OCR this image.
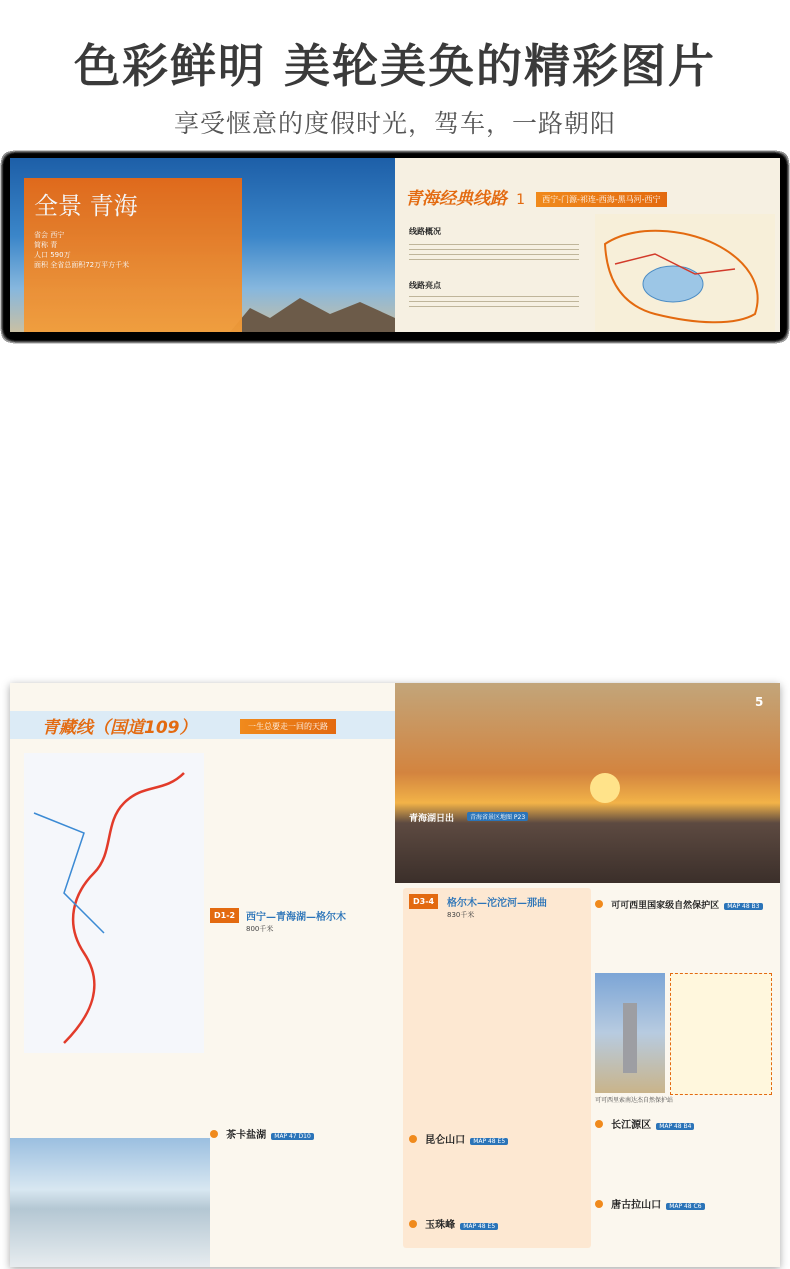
色彩鲜明 美轮美奂的精彩图片
享受惬意的度假时光，驾车，一路朝阳
全景 青海
省会 西宁
简称 青
人口 590万
面积 全省总面积72万平方千米
青海经典线路 1 西宁-门源-祁连-西海-黑马河-西宁
线路概况
线路亮点
青藏线（国道109）	一生总要走一回的天路
D1-2	西宁—青海湖—格尔木
800千米
茶卡盐湖 MAP 47 D10
5
青海湖日出	青海省景区地图 P23
D3-4	格尔木—沱沱河—那曲
830千米
昆仑山口 MAP 48 E5
玉珠峰 MAP 48 E5
可可西里国家级自然保护区 MAP 48 B3
可可西里索南达杰自然保护站
长江源区 MAP 48 B4
唐古拉山口 MAP 48 C6
